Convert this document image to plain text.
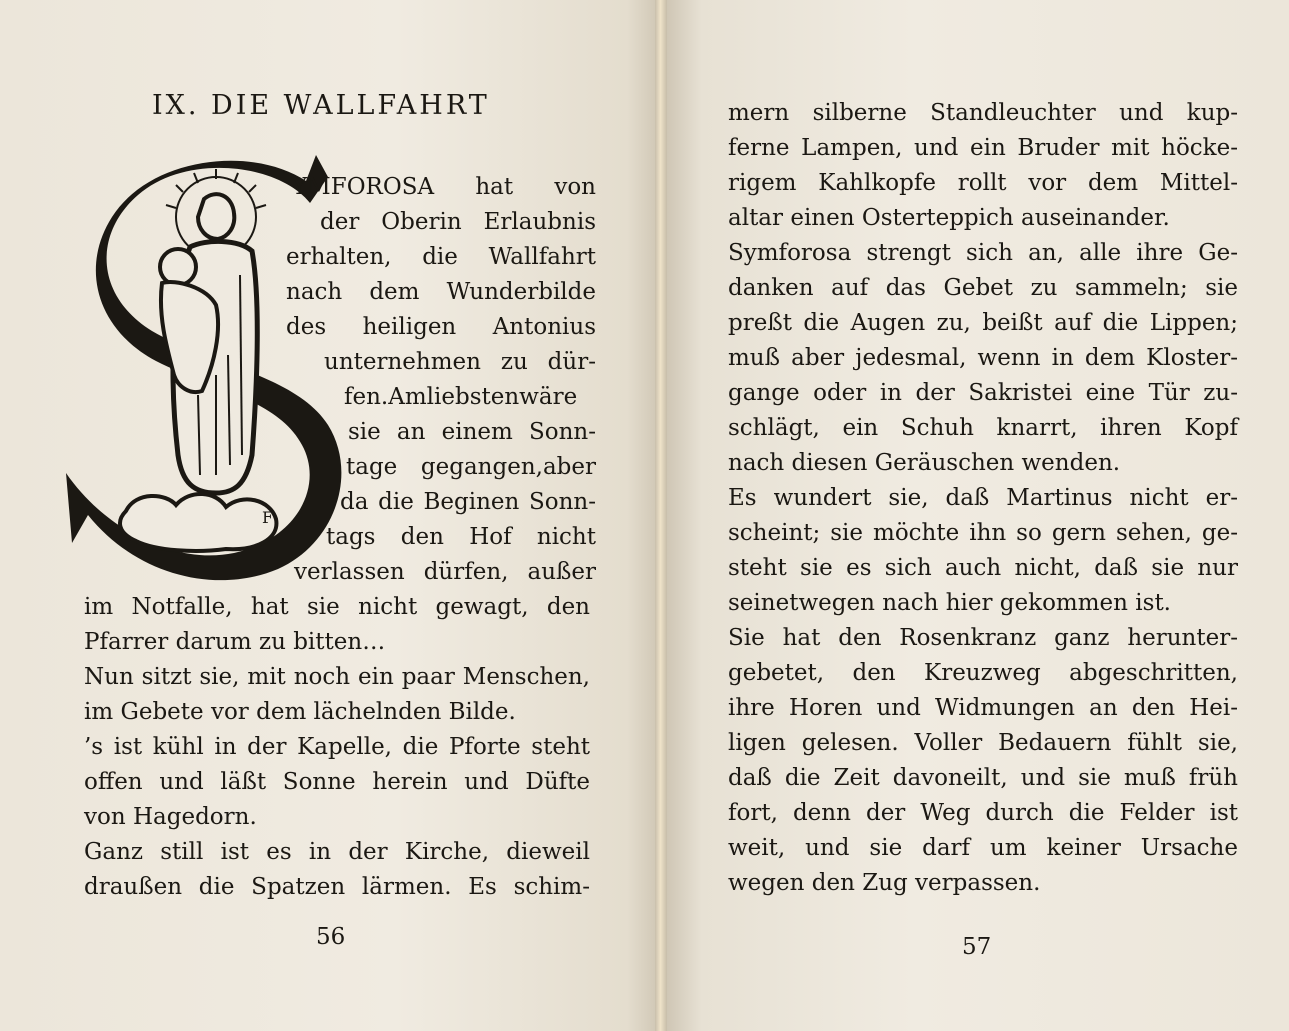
IX. DIE WALLFAHRT
F
YMFOROSA hat von
der Oberin Erlaubnis
erhalten, die Wallfahrt
nach dem Wunderbilde
des heiligen Antonius
unternehmen zu dür-
fen.Amliebstenwäre
sie an einem Sonn-
tage gegangen,aber
da die Beginen Sonn-
tags den Hof nicht
verlassen dürfen, außer
im Notfalle, hat sie nicht gewagt, den
Pfarrer darum zu bitten…
Nun sitzt sie, mit noch ein paar Menschen,
im Gebete vor dem lächelnden Bilde.
’s ist kühl in der Kapelle, die Pforte steht
offen und läßt Sonne herein und Düfte
von Hagedorn.
Ganz still ist es in der Kirche, dieweil
draußen die Spatzen lärmen. Es schim-
56
mern silberne Standleuchter und kup-
ferne Lampen, und ein Bruder mit höcke-
rigem Kahlkopfe rollt vor dem Mittel-
altar einen Osterteppich auseinander.
Symforosa strengt sich an, alle ihre Ge-
danken auf das Gebet zu sammeln; sie
preßt die Augen zu, beißt auf die Lippen;
muß aber jedesmal, wenn in dem Kloster-
gange oder in der Sakristei eine Tür zu-
schlägt, ein Schuh knarrt, ihren Kopf
nach diesen Geräuschen wenden.
Es wundert sie, daß Martinus nicht er-
scheint; sie möchte ihn so gern sehen, ge-
steht sie es sich auch nicht, daß sie nur
seinetwegen nach hier gekommen ist.
Sie hat den Rosenkranz ganz herunter-
gebetet, den Kreuzweg abgeschritten,
ihre Horen und Widmungen an den Hei-
ligen gelesen. Voller Bedauern fühlt sie,
daß die Zeit davoneilt, und sie muß früh
fort, denn der Weg durch die Felder ist
weit, und sie darf um keiner Ursache
wegen den Zug verpassen.
57
